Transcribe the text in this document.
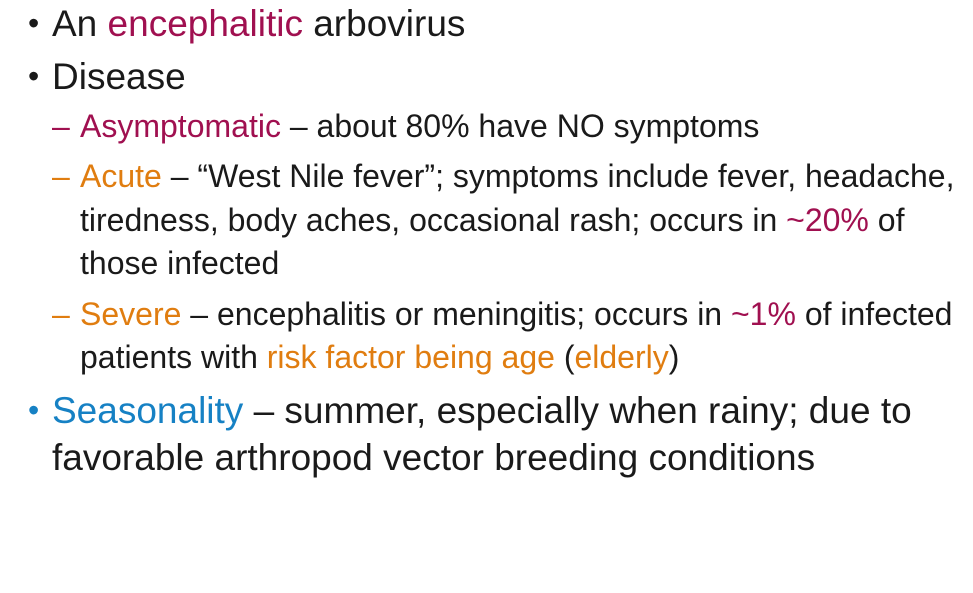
• An encephalitic arbovirus
• Disease
– Asymptomatic – about 80% have NO symptoms
– Acute – “West Nile fever”; symptoms include fever, headache, tiredness, body aches, occasional rash; occurs in ~20% of those infected
– Severe – encephalitis or meningitis; occurs in ~1% of infected patients with risk factor being age (elderly)
• Seasonality – summer, especially when rainy; due to favorable arthropod vector breeding conditions
